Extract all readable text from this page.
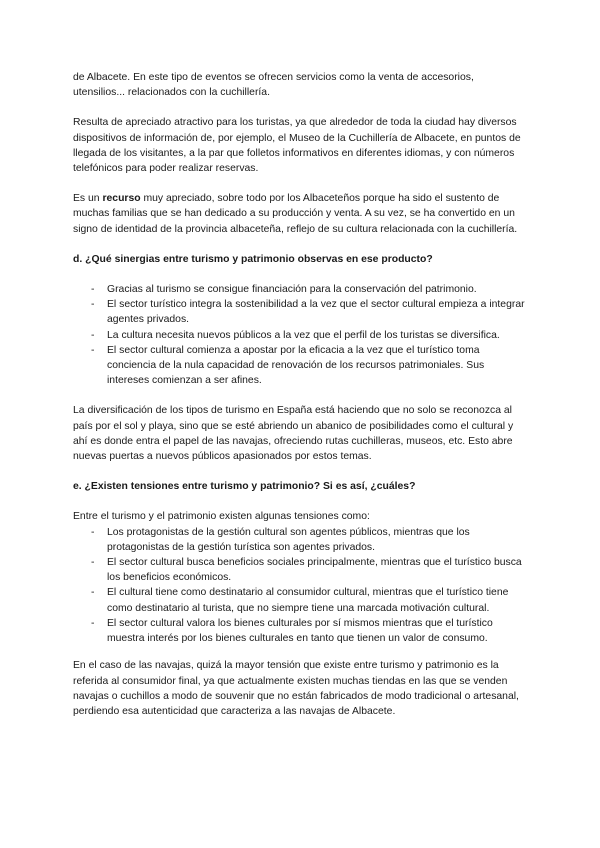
de Albacete. En este tipo de eventos se ofrecen servicios como la venta de accesorios, utensilios... relacionados con la cuchillería.

Resulta de apreciado atractivo para los turistas, ya que alrededor de toda la ciudad hay diversos dispositivos de información de, por ejemplo, el Museo de la Cuchillería de Albacete, en puntos de llegada de los visitantes, a la par que folletos informativos en diferentes idiomas, y con números telefónicos para poder realizar reservas.

Es un recurso muy apreciado, sobre todo por los Albaceteños porque ha sido el sustento de muchas familias que se han dedicado a su producción y venta. A su vez, se ha convertido en un signo de identidad de la provincia albaceteña, reflejo de su cultura relacionada con la cuchillería.

d. ¿Qué sinergias entre turismo y patrimonio observas en ese producto?
- Gracias al turismo se consigue financiación para la conservación del patrimonio.
- El sector turístico integra la sostenibilidad a la vez que el sector cultural empieza a integrar agentes privados.
- La cultura necesita nuevos públicos a la vez que el perfil de los turistas se diversifica.
- El sector cultural comienza a apostar por la eficacia a la vez que el turístico toma conciencia de la nula capacidad de renovación de los recursos patrimoniales. Sus intereses comienzan a ser afines.

La diversificación de los tipos de turismo en España está haciendo que no solo se reconozca al país por el sol y playa, sino que se esté abriendo un abanico de posibilidades como el cultural y ahí es donde entra el papel de las navajas, ofreciendo rutas cuchilleras, museos, etc. Esto abre nuevas puertas a nuevos públicos apasionados por estos temas.

e. ¿Existen tensiones entre turismo y patrimonio? Si es así, ¿cuáles?

Entre el turismo y el patrimonio existen algunas tensiones como:

- Los protagonistas de la gestión cultural son agentes públicos, mientras que los protagonistas de la gestión turística son agentes privados.
- El sector cultural busca beneficios sociales principalmente, mientras que el turístico busca los beneficios económicos.
- El cultural tiene como destinatario al consumidor cultural, mientras que el turístico tiene como destinatario al turista, que no siempre tiene una marcada motivación cultural.
- El sector cultural valora los bienes culturales por sí mismos mientras que el turístico muestra interés por los bienes culturales en tanto que tienen un valor de consumo.

En el caso de las navajas, quizá la mayor tensión que existe entre turismo y patrimonio es la referida al consumidor final, ya que actualmente existen muchas tiendas en las que se venden navajas o cuchillos a modo de souvenir que no están fabricados de modo tradicional o artesanal, perdiendo esa autenticidad que caracteriza a las navajas de Albacete.
